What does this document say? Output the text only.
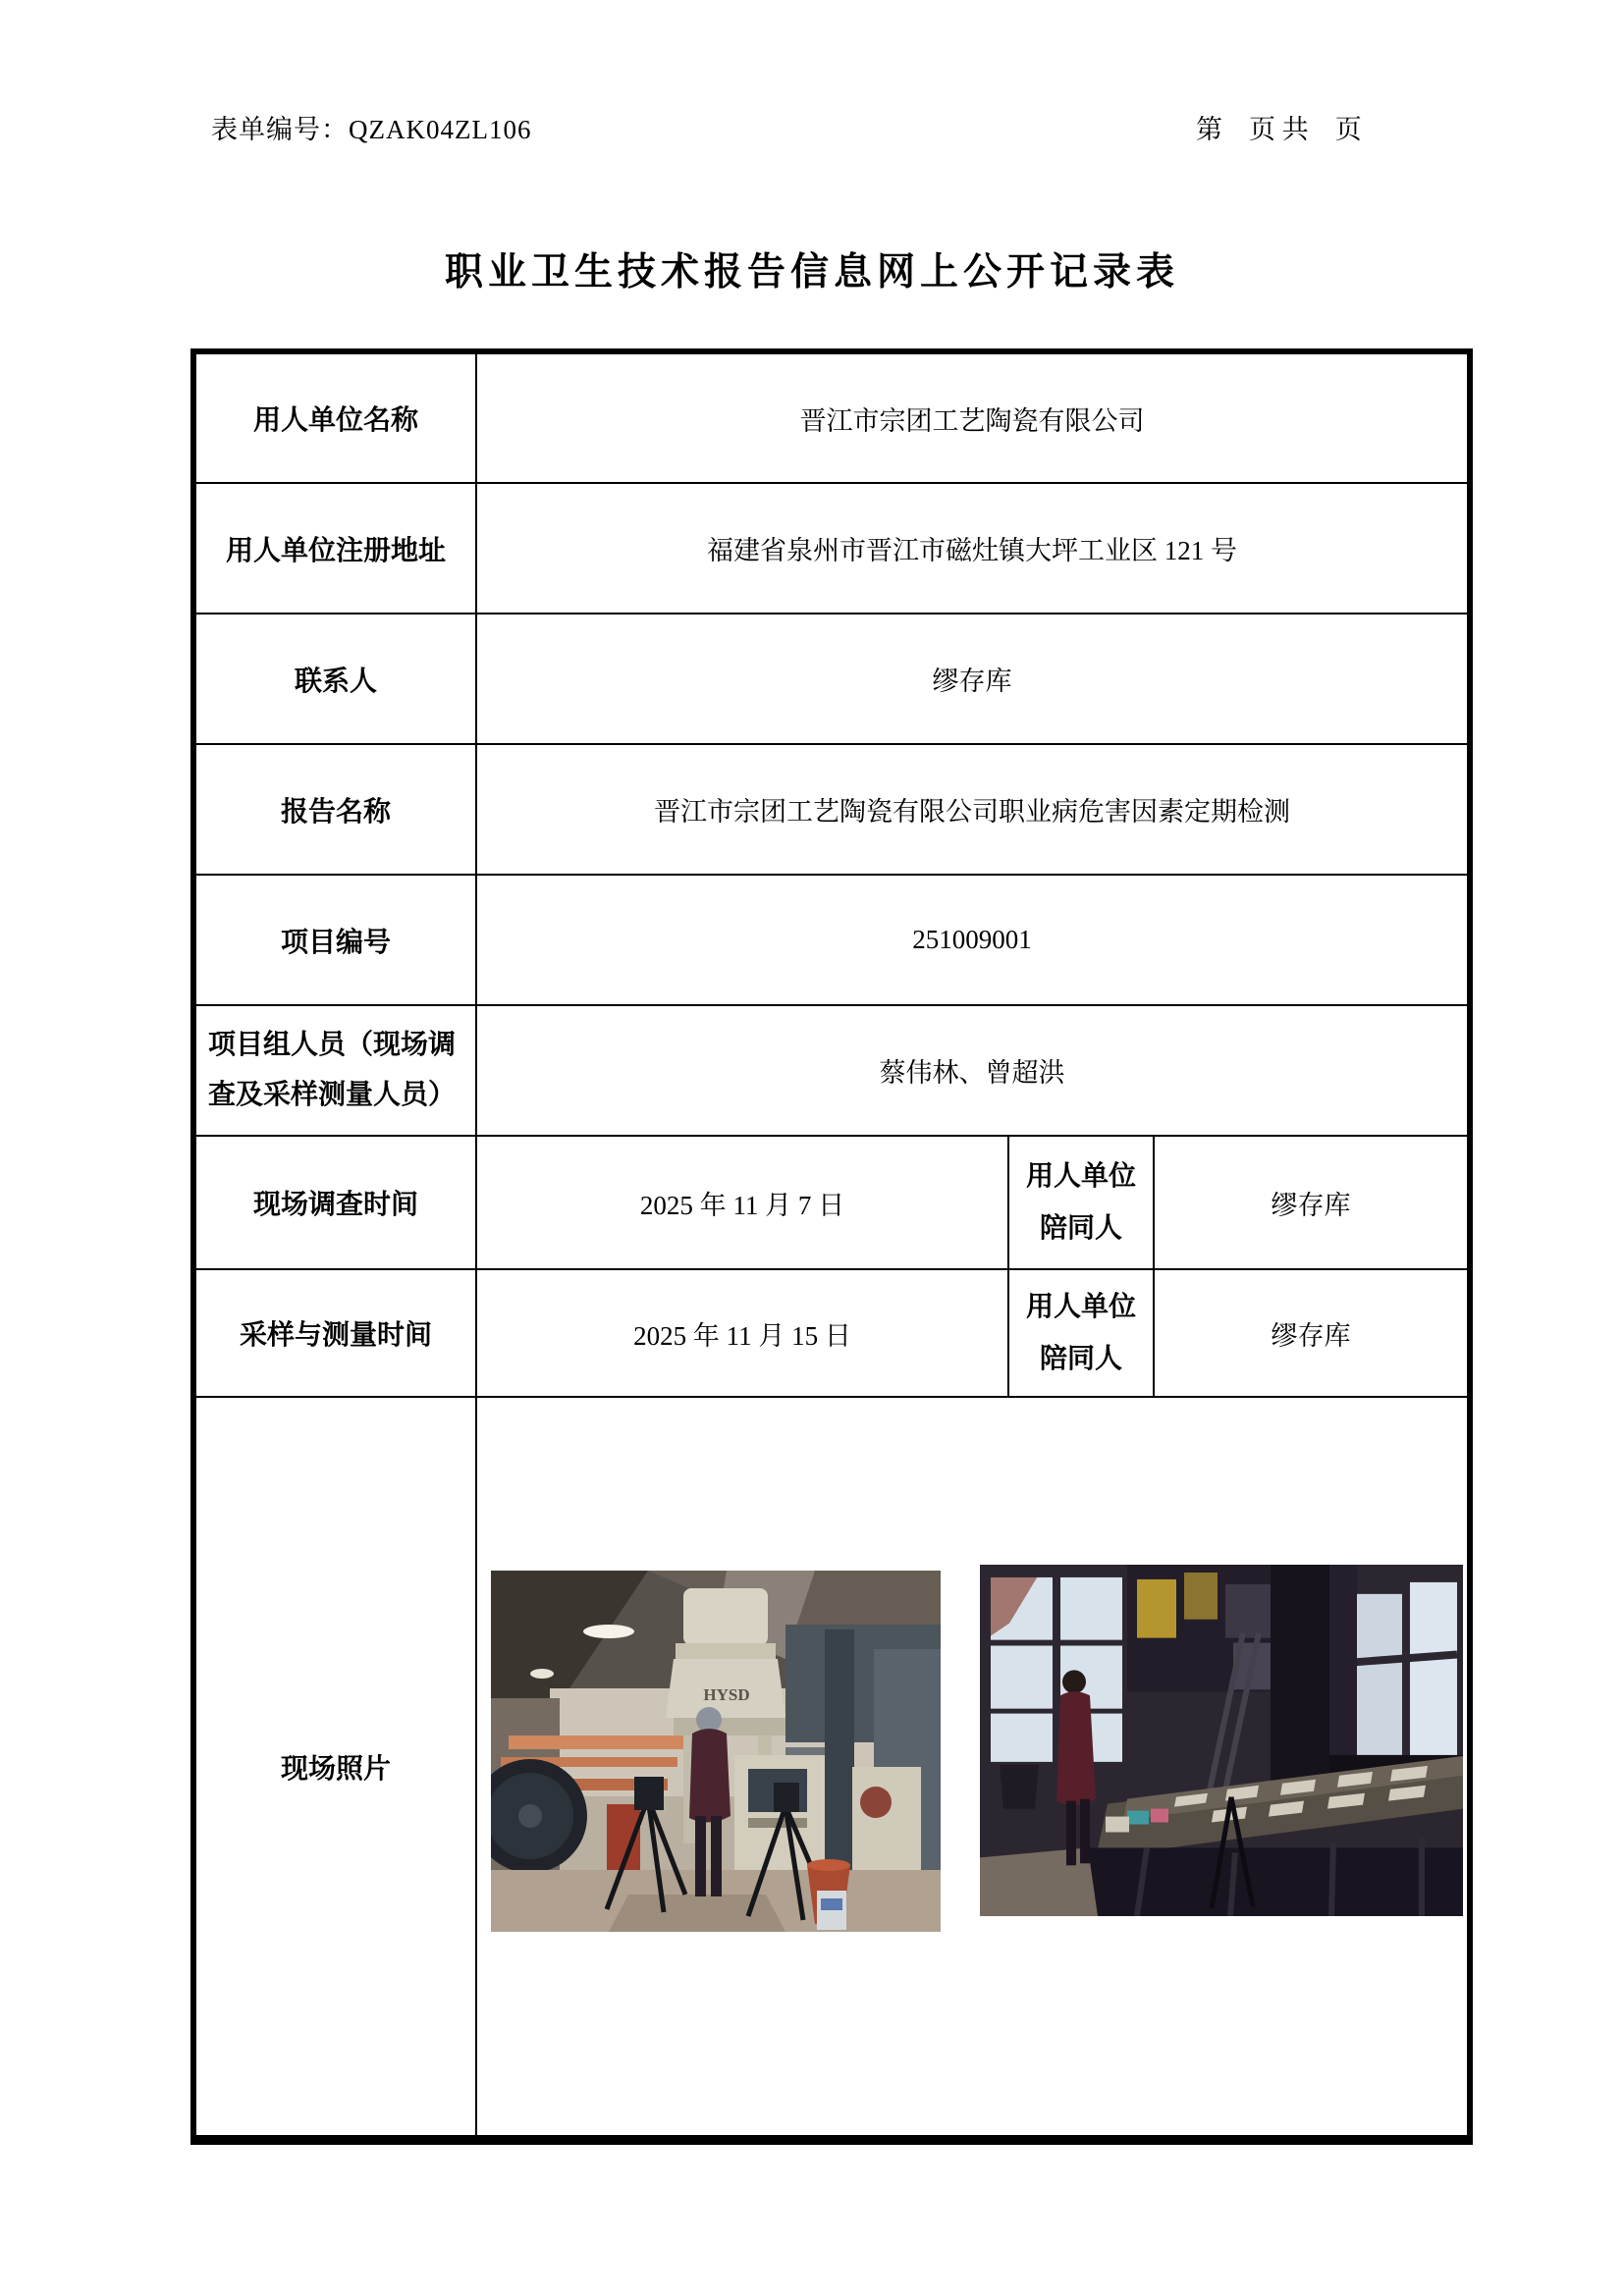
表单编号：QZAK04ZL106	第　页 共　页
职业卫生技术报告信息网上公开记录表
用人单位名称	晋江市宗团工艺陶瓷有限公司		
用人单位注册地址	福建省泉州市晋江市磁灶镇大坪工业区 121 号		
联系人	缪存库		
报告名称	晋江市宗团工艺陶瓷有限公司职业病危害因素定期检测		
项目编号	251009001		
项目组人员（现场调查及采样测量人员）	蔡伟林、曾超洪		
现场调查时间	2025 年 11 月 7 日	用人单位陪同人	缪存库
采样与测量时间	2025 年 11 月 15 日	用人单位陪同人	缪存库
现场照片	HYSD		
